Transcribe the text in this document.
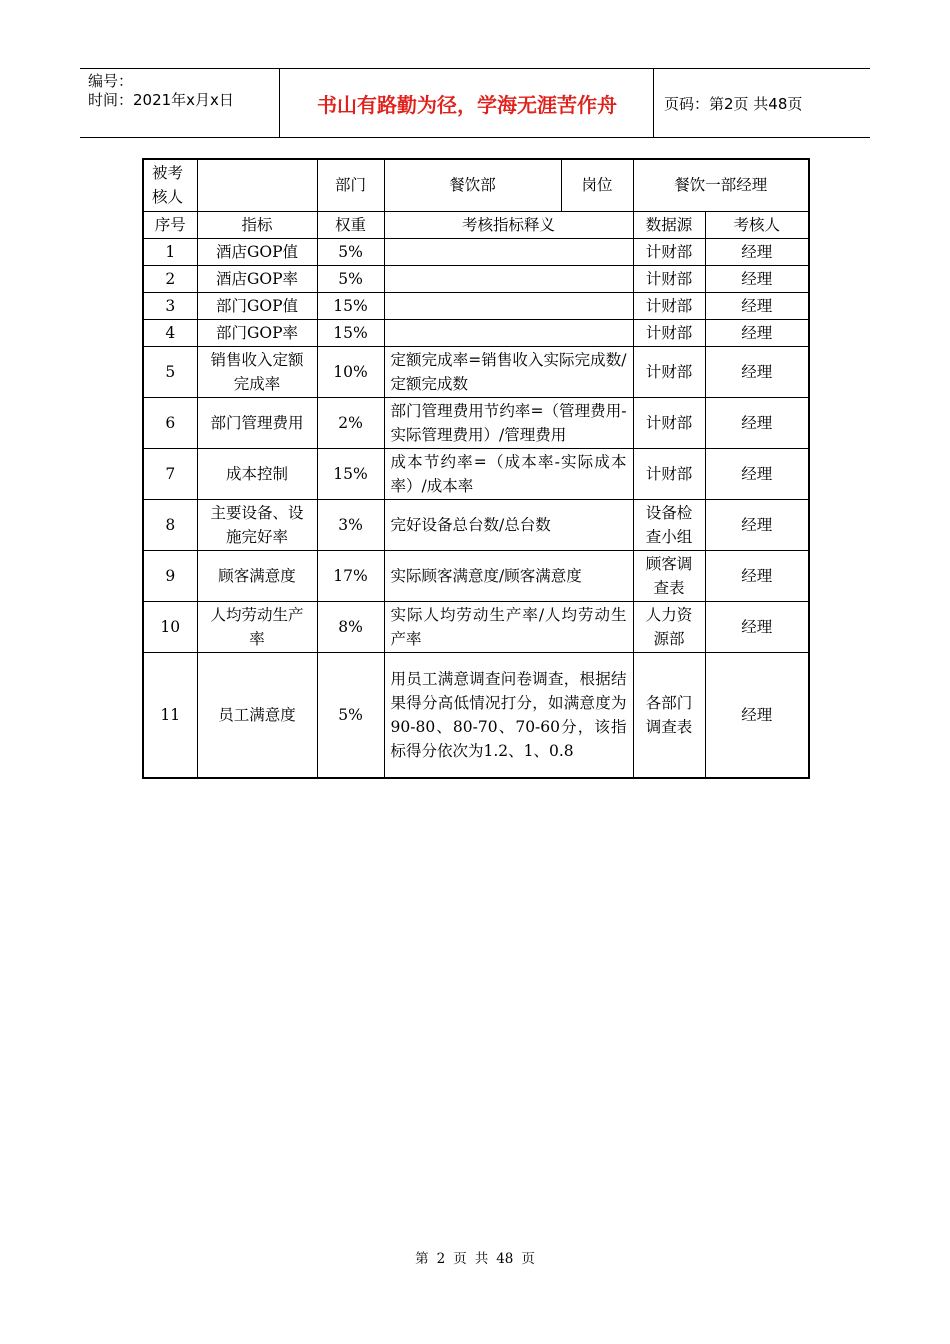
编号：
时间：2021年x月x日	书山有路勤为径，学海无涯苦作舟	页码：第2页 共48页
被考核人		部门	餐饮部	岗位	餐饮一部经理	
序号	指标	权重	考核指标释义		数据源	考核人
1	酒店GOP值	5%			计财部	经理
2	酒店GOP率	5%			计财部	经理
3	部门GOP值	15%			计财部	经理
4	部门GOP率	15%			计财部	经理
5	销售收入定额完成率	10%	定额完成率=销售收入实际完成数/定额完成数		计财部	经理
6	部门管理费用	2%	部门管理费用节约率=（管理费用-实际管理费用）/管理费用		计财部	经理
7	成本控制	15%	成本节约率=（成本率-实际成本率）/成本率		计财部	经理
8	主要设备、设施完好率	3%	完好设备总台数/总台数		设备检查小组	经理
9	顾客满意度	17%	实际顾客满意度/顾客满意度		顾客调查表	经理
10	人均劳动生产率	8%	实际人均劳动生产率/人均劳动生产率		人力资源部	经理
11	员工满意度	5%	用员工满意调查问卷调查，根据结果得分高低情况打分，如满意度为90-80、80-70、70-60分，该指标得分依次为1.2、1、0.8		各部门调查表	经理
第 2 页 共 48 页
